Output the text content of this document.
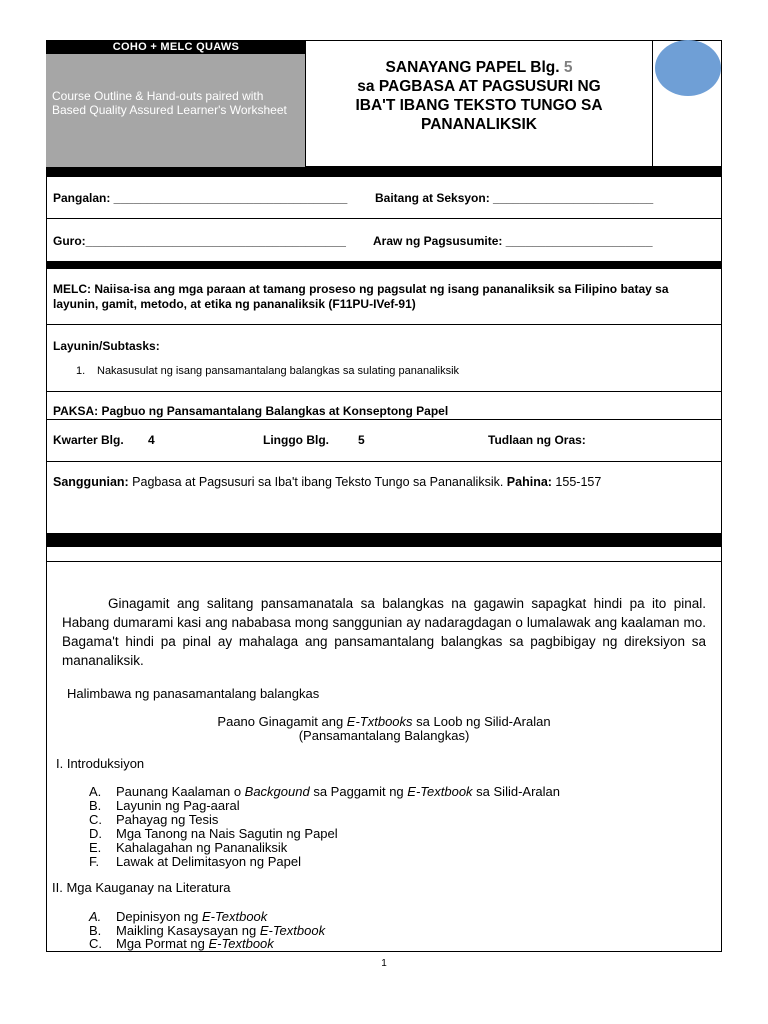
COHO + MELC QUAWS
Course Outline & Hand-outs paired with Based Quality Assured Learner's Worksheet
SANAYANG PAPEL Blg. 5
sa PAGBASA AT PAGSUSURI NG
IBA'T IBANG TEKSTO TUNGO SA
PANANALIKSIK
Pangalan: ___________________________________ Baitang at Seksyon: ________________________
Guro:_______________________________________ Araw ng Pagsusumite: ______________________
MELC: Naiisa-isa ang mga paraan at tamang proseso ng pagsulat ng isang pananaliksik sa Filipino batay sa layunin, gamit, metodo, at etika ng pananaliksik (F11PU-IVef-91)
Layunin/Subtasks:
1. Nakasusulat ng isang pansamantalang balangkas sa sulating pananaliksik
PAKSA: Pagbuo ng Pansamantalang Balangkas at Konseptong Papel
Kwarter Blg. 4	Linggo Blg. 5	Tudlaan ng Oras:
Sanggunian: Pagbasa at Pagsusuri sa Iba't ibang Teksto Tungo sa Pananaliksik. Pahina: 155-157
Ginagamit ang salitang pansamanatala sa balangkas na gagawin sapagkat hindi pa ito pinal. Habang dumarami kasi ang nababasa mong sanggunian ay nadaragdagan o lumalawak ang kaalaman mo. Bagama't hindi pa pinal ay mahalaga ang pansamantalang balangkas sa pagbibigay ng direksiyon sa mananaliksik.
Halimbawa ng panasamantalang balangkas
Paano Ginagamit ang E-Txtbooks sa Loob ng Silid-Aralan
(Pansamantalang Balangkas)
I. Introduksiyon
A. Paunang Kaalaman o Backgound sa Paggamit ng E-Textbook sa Silid-Aralan
B. Layunin ng Pag-aaral
C. Pahayag ng Tesis
D. Mga Tanong na Nais Sagutin ng Papel
E. Kahalagahan ng Pananaliksik
F. Lawak at Delimitasyon ng Papel
II. Mga Kauganay na Literatura
A. Depinisyon ng E-Textbook
B. Maikling Kasaysayan ng E-Textbook
C. Mga Pormat ng E-Textbook
1
